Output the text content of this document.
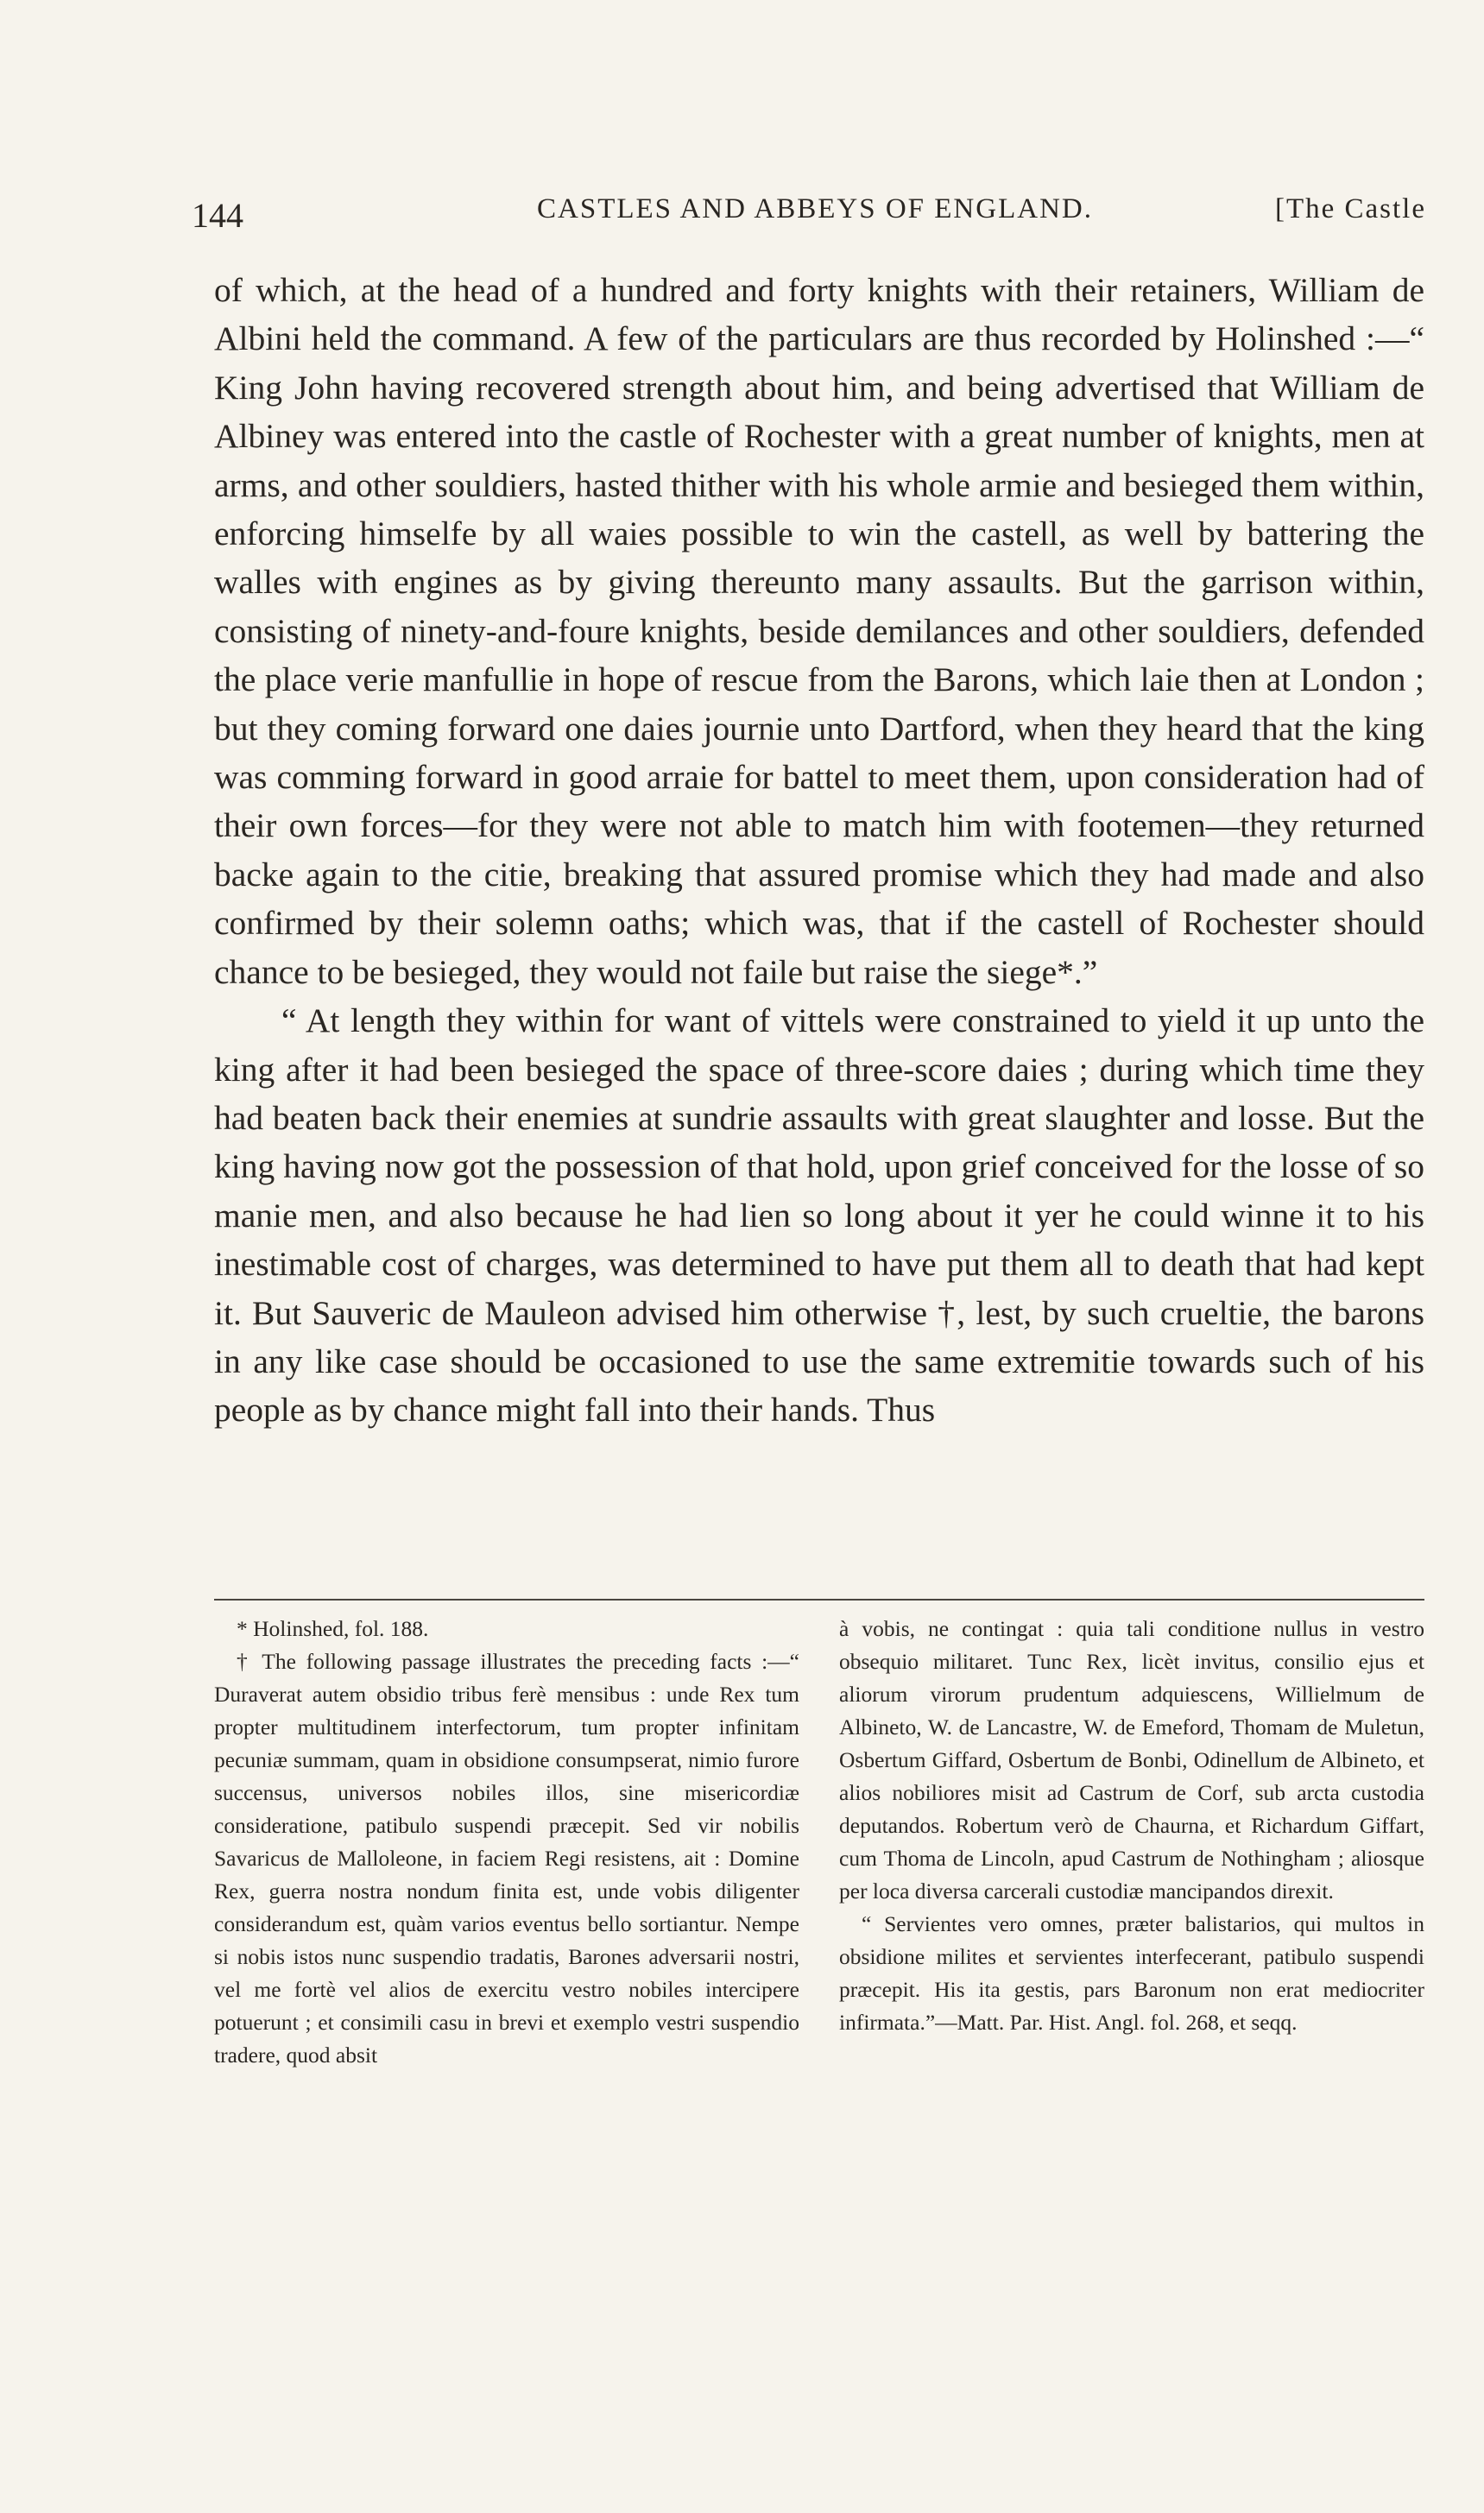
144	CASTLES AND ABBEYS OF ENGLAND.	[The Castle

of which, at the head of a hundred and forty knights with their retainers, William de Albini held the command. A few of the particulars are thus recorded by Holinshed :—“ King John having recovered strength about him, and being advertised that William de Albiney was entered into the castle of Rochester with a great number of knights, men at arms, and other souldiers, hasted thither with his whole armie and besieged them within, enforcing himselfe by all waies possible to win the castell, as well by battering the walles with engines as by giving thereunto many assaults. But the garrison within, consisting of ninety-and-foure knights, beside demilances and other souldiers, defended the place verie manfullie in hope of rescue from the Barons, which laie then at London ; but they coming forward one daies journie unto Dartford, when they heard that the king was comming forward in good arraie for battel to meet them, upon consideration had of their own forces—for they were not able to match him with footemen—they returned backe again to the citie, breaking that assured promise which they had made and also confirmed by their solemn oaths; which was, that if the castell of Rochester should chance to be besieged, they would not faile but raise the siege*.”

“ At length they within for want of vittels were constrained to yield it up unto the king after it had been besieged the space of three-score daies ; during which time they had beaten back their enemies at sundrie assaults with great slaughter and losse. But the king having now got the possession of that hold, upon grief conceived for the losse of so manie men, and also because he had lien so long about it yer he could winne it to his inestimable cost of charges, was determined to have put them all to death that had kept it. But Sauveric de Mauleon advised him otherwise †, lest, by such crueltie, the barons in any like case should be occasioned to use the same extremitie towards such of his people as by chance might fall into their hands. Thus

* Holinshed, fol. 188.

† The following passage illustrates the preceding facts :—“ Duraverat autem obsidio tribus ferè mensibus : unde Rex tum propter multitudinem interfectorum, tum propter infinitam pecuniæ summam, quam in obsidione consumpserat, nimio furore succensus, universos nobiles illos, sine misericordiæ consideratione, patibulo suspendi præcepit. Sed vir nobilis Savaricus de Malloleone, in faciem Regi resistens, ait : Domine Rex, guerra nostra nondum finita est, unde vobis diligenter considerandum est, quàm varios eventus bello sortiantur. Nempe si nobis istos nunc suspendio tradatis, Barones adversarii nostri, vel me fortè vel alios de exercitu vestro nobiles intercipere potuerunt ; et consimili casu in brevi et exemplo vestri suspendio tradere, quod absit

à vobis, ne contingat : quia tali conditione nullus in vestro obsequio militaret. Tunc Rex, licèt invitus, consilio ejus et aliorum virorum prudentum adquiescens, Willielmum de Albineto, W. de Lancastre, W. de Emeford, Thomam de Muletun, Osbertum Giffard, Osbertum de Bonbi, Odinellum de Albineto, et alios nobiliores misit ad Castrum de Corf, sub arcta custodia deputandos. Robertum verò de Chaurna, et Richardum Giffart, cum Thoma de Lincoln, apud Castrum de Nothingham ; aliosque per loca diversa carcerali custodiæ mancipandos direxit.

“ Servientes vero omnes, præter balistarios, qui multos in obsidione milites et servientes interfecerant, patibulo suspendi præcepit. His ita gestis, pars Baronum non erat mediocriter infirmata.”—Matt. Par. Hist. Angl. fol. 268, et seqq.
